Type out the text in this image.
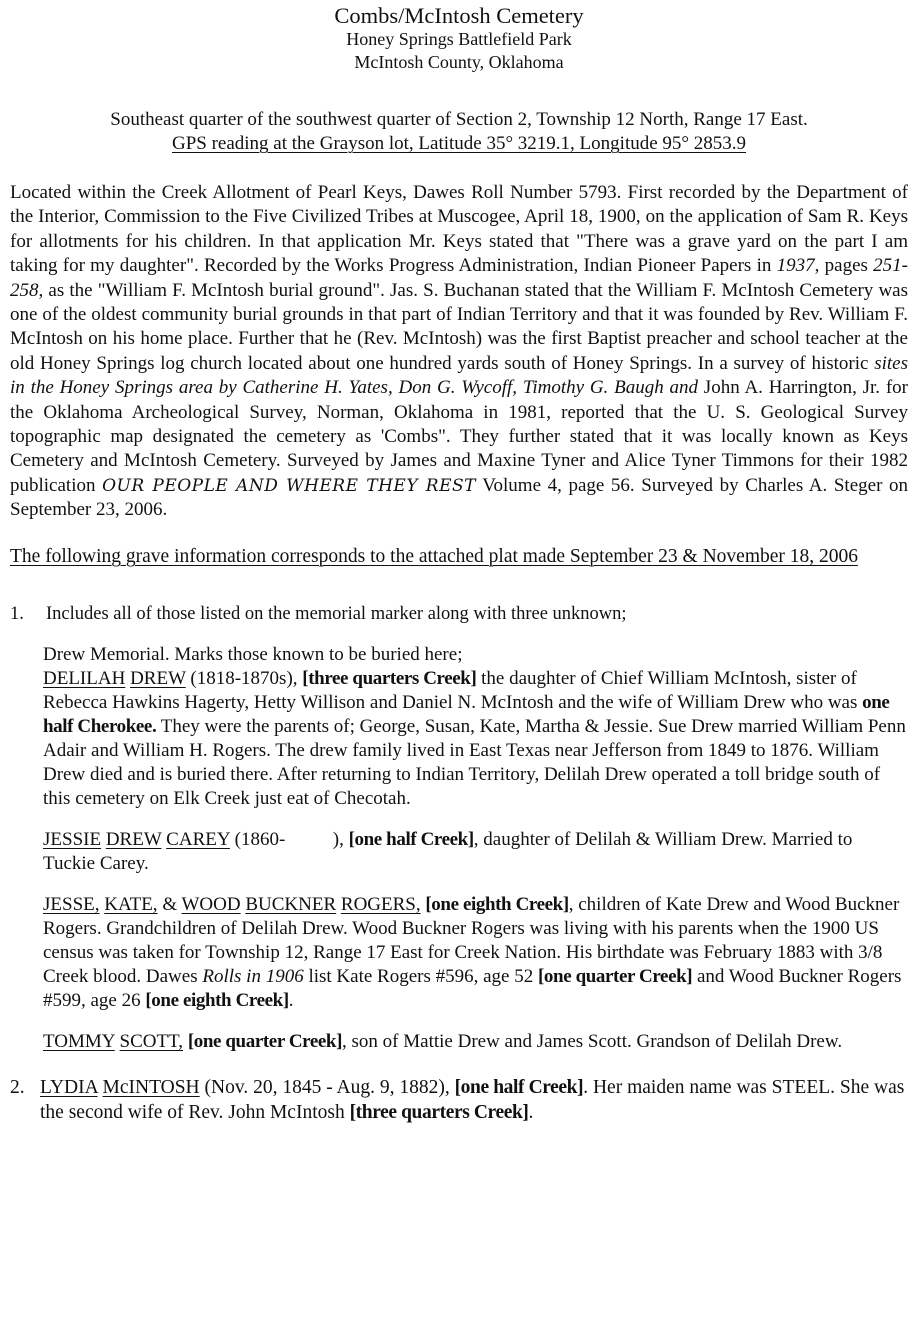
Combs/McIntosh Cemetery
Honey Springs Battlefield Park
McIntosh County, Oklahoma
Southeast quarter of the southwest quarter of Section 2, Township 12 North, Range 17 East.
GPS reading at the Grayson lot, Latitude 35° 3219.1, Longitude 95° 2853.9
Located within the Creek Allotment of Pearl Keys, Dawes Roll Number 5793. First recorded by the Department of the Interior, Commission to the Five Civilized Tribes at Muscogee, April 18, 1900, on the application of Sam R. Keys for allotments for his children. In that application Mr. Keys stated that "There was a grave yard on the part I am taking for my daughter". Recorded by the Works Progress Administration, Indian Pioneer Papers in 1937, pages 251-258, as the "William F. McIntosh burial ground". Jas. S. Buchanan stated that the William F. McIntosh Cemetery was one of the oldest community burial grounds in that part of Indian Territory and that it was founded by Rev. William F. McIntosh on his home place. Further that he (Rev. McIntosh) was the first Baptist preacher and school teacher at the old Honey Springs log church located about one hundred yards south of Honey Springs. In a survey of historic sites in the Honey Springs area by Catherine H. Yates, Don G. Wycoff, Timothy G. Baugh and John A. Harrington, Jr. for the Oklahoma Archeological Survey, Norman, Oklahoma in 1981, reported that the U. S. Geological Survey topographic map designated the cemetery as 'Combs". They further stated that it was locally known as Keys Cemetery and McIntosh Cemetery. Surveyed by James and Maxine Tyner and Alice Tyner Timmons for their 1982 publication OUR PEOPLE AND WHERE THEY REST Volume 4, page 56. Surveyed by Charles A. Steger on September 23, 2006.
The following grave information corresponds to the attached plat made September 23 & November 18, 2006
1.	Includes all of those listed on the memorial marker along with three unknown;
Drew Memorial. Marks those known to be buried here;
DELILAH DREW (1818-1870s), [three quarters Creek] the daughter of Chief William McIntosh, sister of Rebecca Hawkins Hagerty, Hetty Willison and Daniel N. McIntosh and the wife of William Drew who was one half Cherokee. They were the parents of; George, Susan, Kate, Martha & Jessie. Sue Drew married William Penn Adair and William H. Rogers. The drew family lived in East Texas near Jefferson from 1849 to 1876. William Drew died and is buried there. After returning to Indian Territory, Delilah Drew operated a toll bridge south of this cemetery on Elk Creek just eat of Checotah.
JESSIE DREW CAREY (1860-          ), [one half Creek], daughter of Delilah & William Drew. Married to Tuckie Carey.
JESSE, KATE, & WOOD BUCKNER ROGERS, [one eighth Creek], children of Kate Drew and Wood Buckner Rogers. Grandchildren of Delilah Drew. Wood Buckner Rogers was living with his parents when the 1900 US census was taken for Township 12, Range 17 East for Creek Nation. His birthdate was February 1883 with 3/8 Creek blood. Dawes Rolls in 1906 list Kate Rogers #596, age 52 [one quarter Creek] and Wood Buckner Rogers #599, age 26 [one eighth Creek].
TOMMY SCOTT, [one quarter Creek], son of Mattie Drew and James Scott. Grandson of Delilah Drew.
2. LYDIA McINTOSH (Nov. 20, 1845 - Aug. 9, 1882), [one half Creek]. Her maiden name was STEEL. She was the second wife of Rev. John McIntosh [three quarters Creek].
